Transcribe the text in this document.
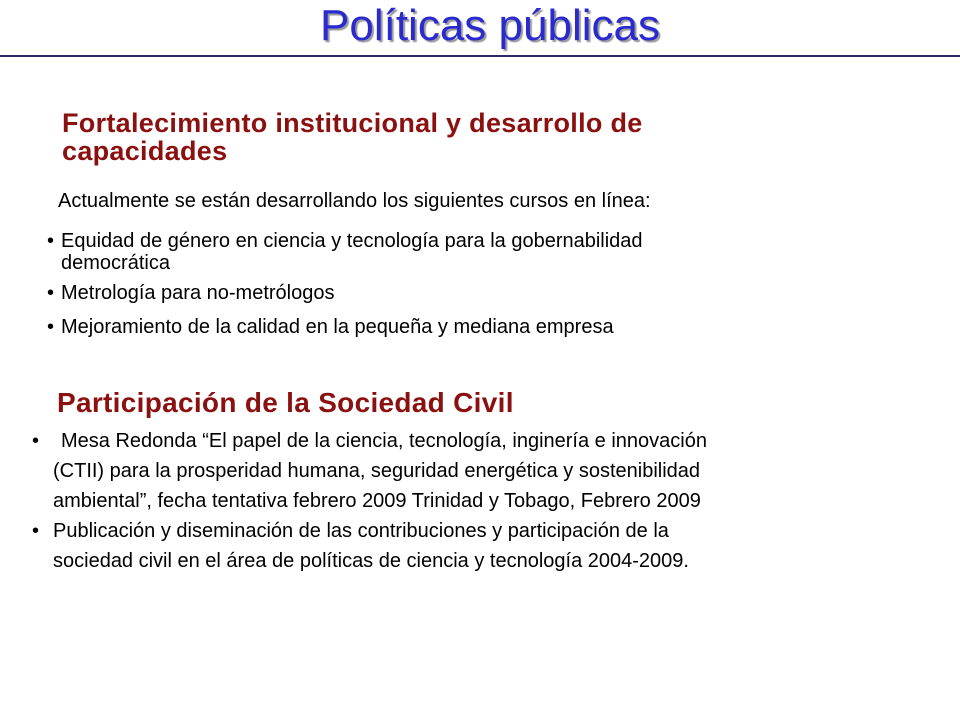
Políticas públicas
Fortalecimiento institucional y desarrollo de
capacidades

Actualmente se están desarrollando los siguientes cursos en línea:

• Equidad de género en ciencia y tecnología para la gobernabilidad
democrática
• Metrología para no-metrólogos
• Mejoramiento de la calidad en la pequeña y mediana empresa
Participación de la Sociedad Civil
•	Mesa Redonda “El papel de la ciencia, tecnología, inginería e innovación
(CTII) para la prosperidad humana, seguridad energética y sostenibilidad
ambiental”, fecha tentativa febrero 2009 Trinidad y Tobago, Febrero 2009
• Publicación y diseminación de las contribuciones y participación de la
sociedad civil en el área de políticas de ciencia y tecnología 2004-2009.
